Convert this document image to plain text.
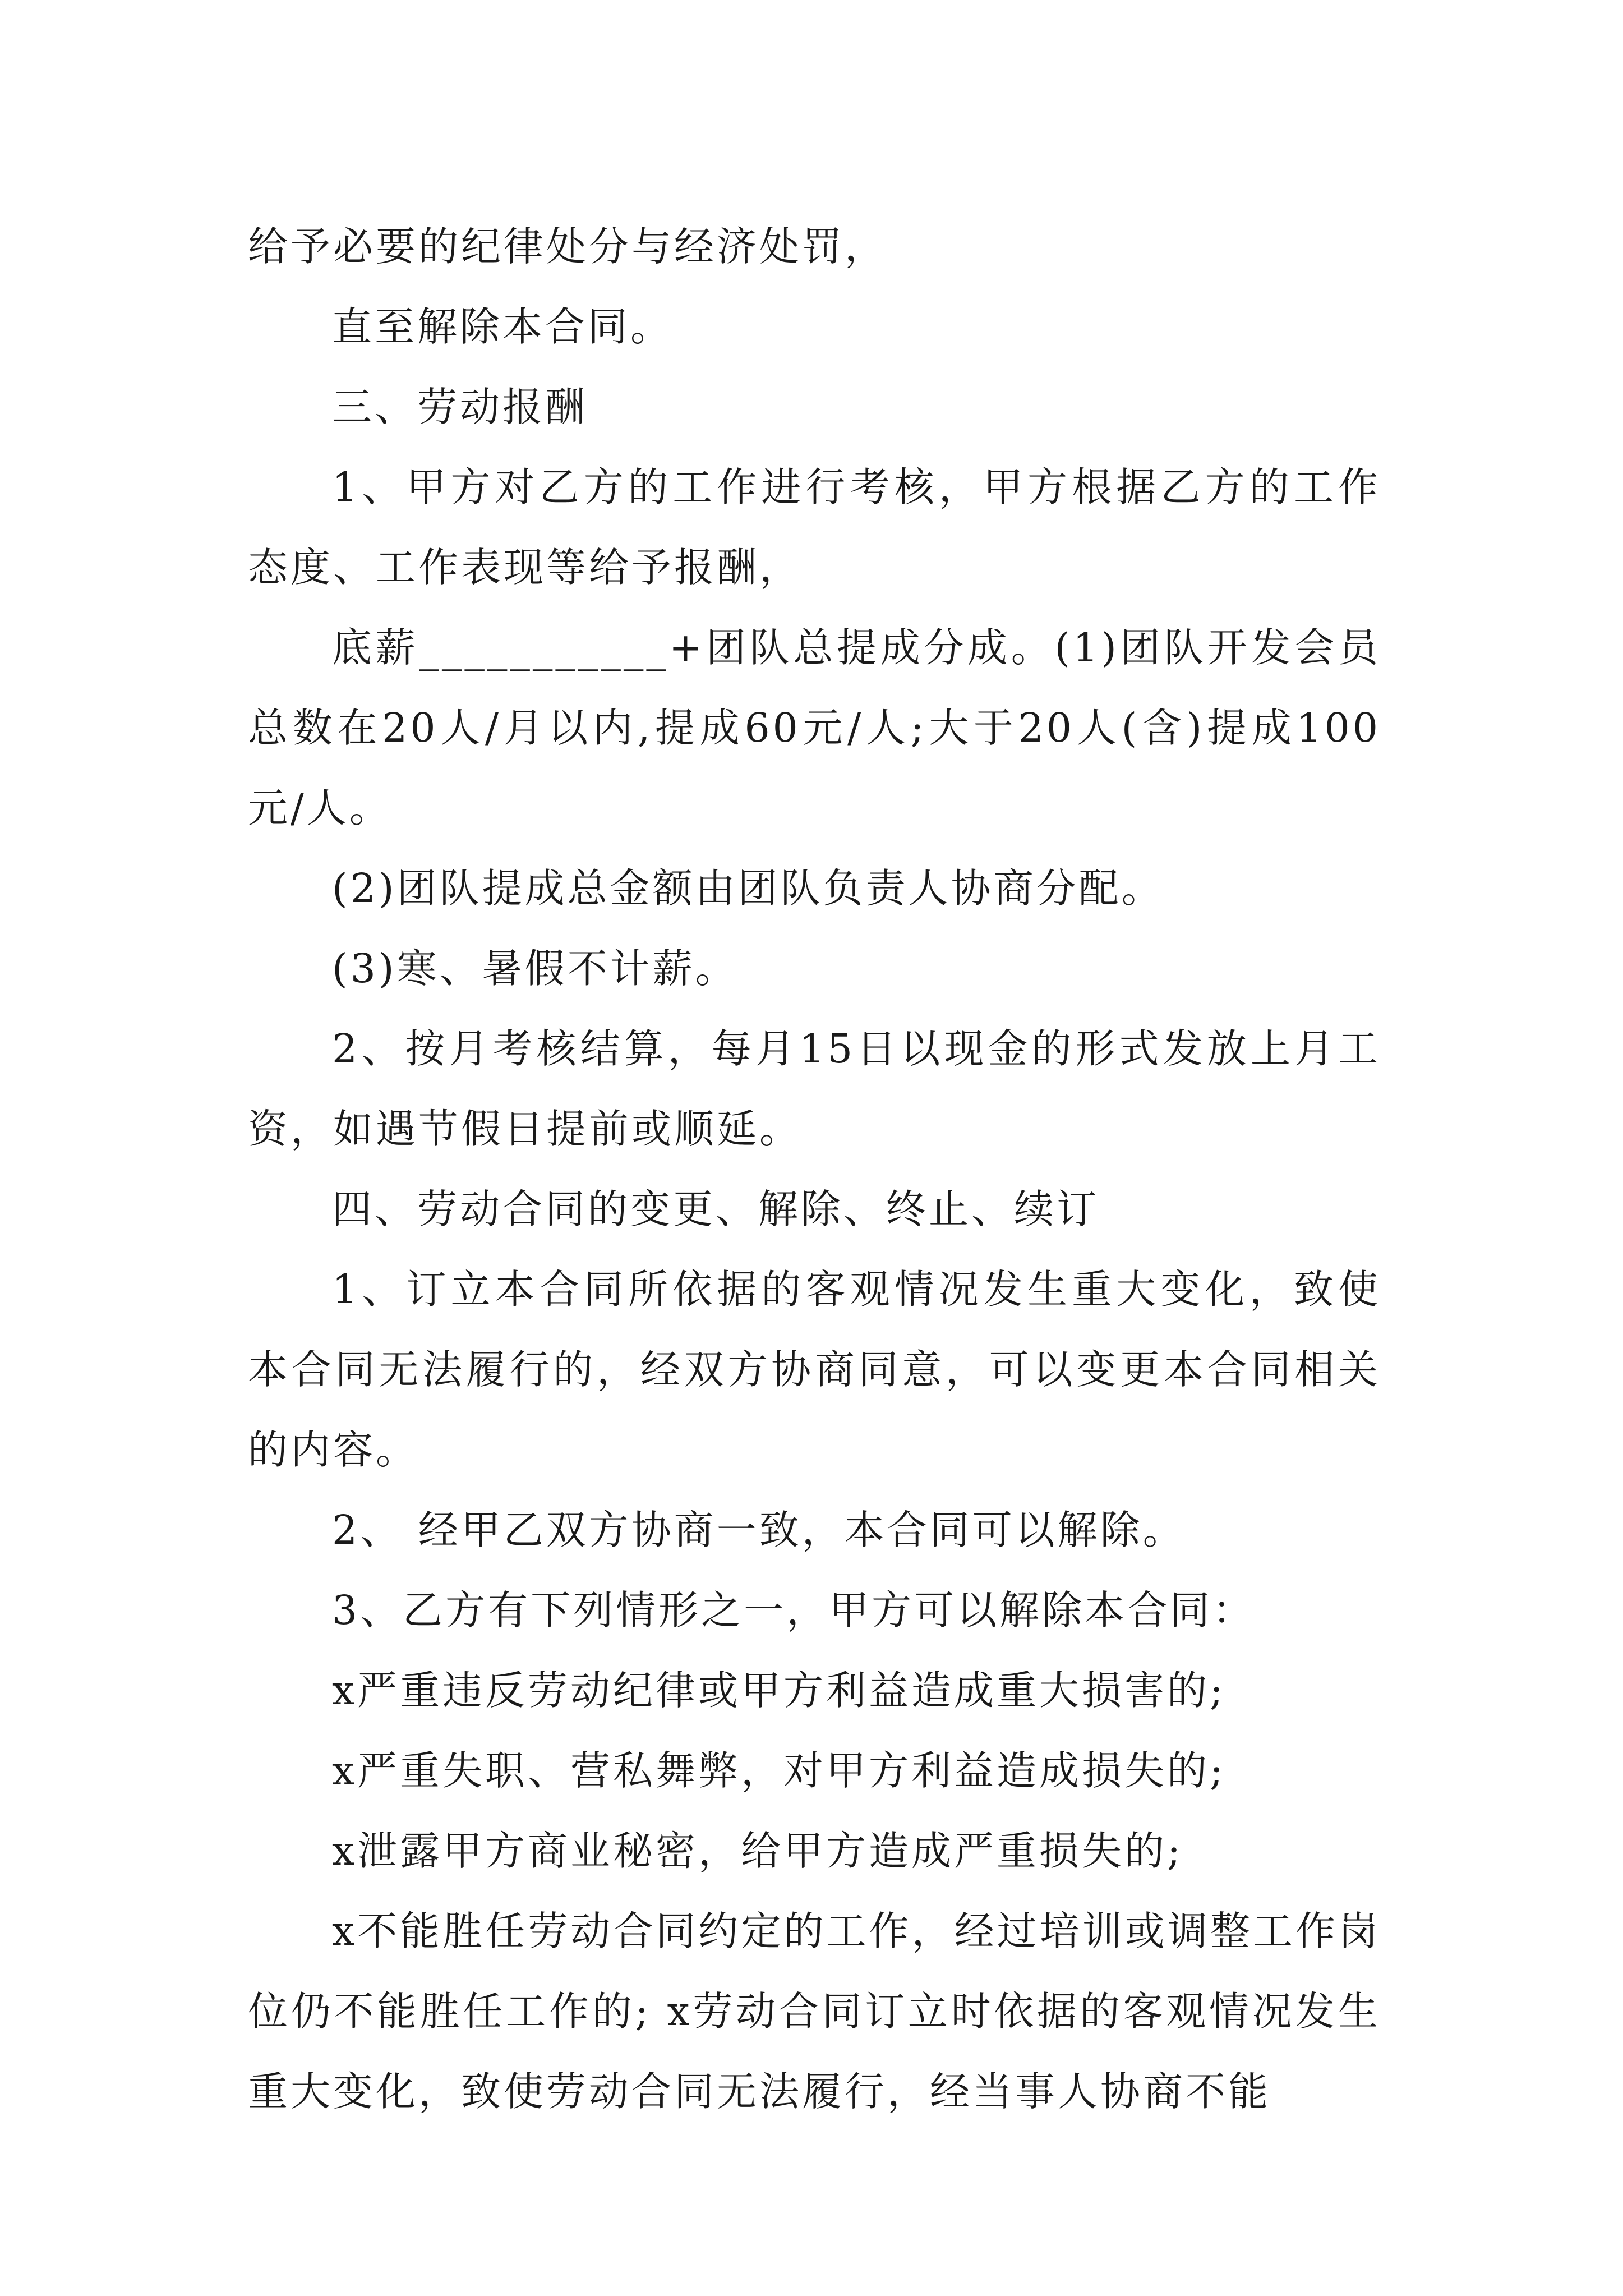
给予必要的纪律处分与经济处罚，

直至解除本合同。

三、劳动报酬

1、甲方对乙方的工作进行考核，甲方根据乙方的工作态度、工作表现等给予报酬，

底薪___________+团队总提成分成。(1)团队开发会员总数在20人/月以内,提成60元/人;大于20人(含)提成100元/人。

(2)团队提成总金额由团队负责人协商分配。

(3)寒、暑假不计薪。

2、按月考核结算，每月15日以现金的形式发放上月工资，如遇节假日提前或顺延。

四、劳动合同的变更、解除、终止、续订

1、订立本合同所依据的客观情况发生重大变化，致使本合同无法履行的，经双方协商同意，可以变更本合同相关的内容。

2、 经甲乙双方协商一致，本合同可以解除。

3、乙方有下列情形之一，甲方可以解除本合同：

x严重违反劳动纪律或甲方利益造成重大损害的;

x严重失职、营私舞弊，对甲方利益造成损失的;

x泄露甲方商业秘密，给甲方造成严重损失的;

x不能胜任劳动合同约定的工作，经过培训或调整工作岗位仍不能胜任工作的; x劳动合同订立时依据的客观情况发生重大变化，致使劳动合同无法履行，经当事人协商不能
